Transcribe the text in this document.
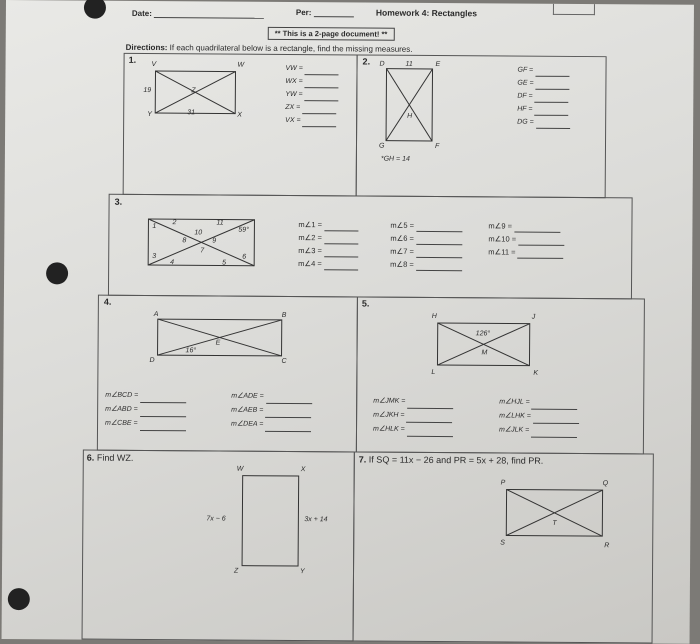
Date:	Per:	Homework 4: Rectangles
** This is a 2-page document! **
Directions: If each quadrilateral below is a rectangle, find the missing measures.
1. V	W
Y	X
Z
19
31
VW =
WX =
YW =
ZX =
VX =
2. D	E
H
G	F
11
*GH = 14
GF =
GE =
DF =
HF =
DG =
3.
1
2
3
4	5
6
7
8	9
10
11
59°
m∠1 =
m∠2 =
m∠3 =
m∠4 =
m∠5 =
m∠6 =
m∠7 =
m∠8 =
m∠9 =
m∠10 =
m∠11 =
4.
A	B
E
D	C
16°
m∠BCD =
m∠ABD =
m∠CBE =
m∠ADE =
m∠AEB =
m∠DEA =
5.
H	J
M
L	K
126°
m∠JMK =
m∠JKH =
m∠HLK =
m∠HJL =
m∠LHK =
m∠JLK =
6. Find WZ.
W	X
Z	Y
7x − 6	3x + 14
7. If SQ = 11x − 26 and PR = 5x + 28, find PR.
P	Q
T
S	R
